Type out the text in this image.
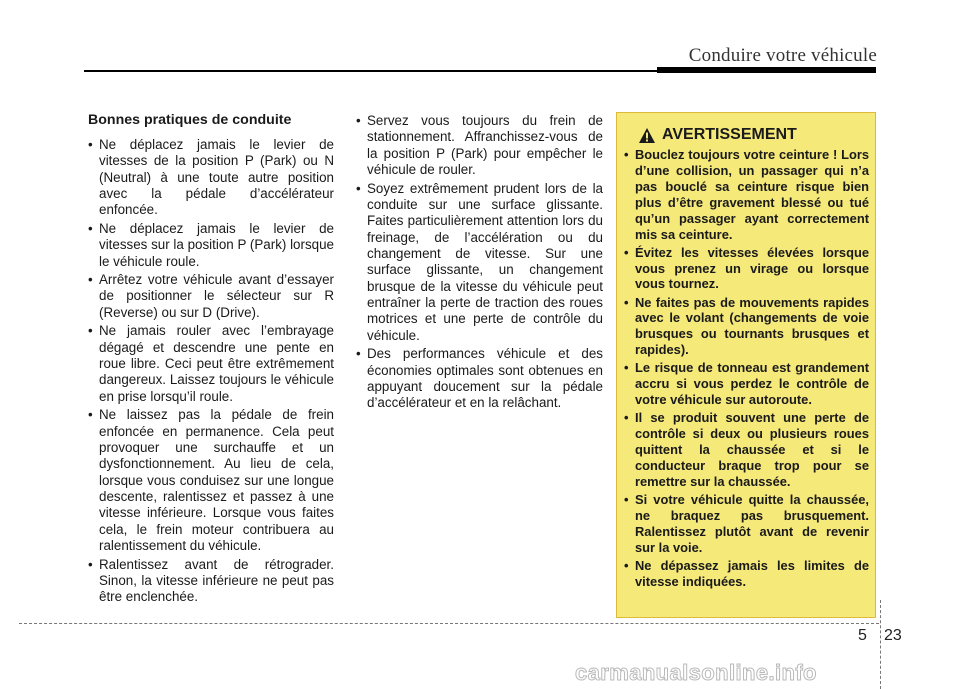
Conduire votre véhicule
Bonnes pratiques de conduite
• Ne déplacez jamais le levier de vitesses de la position P (Park) ou N (Neutral) à une toute autre position avec la pédale d’accélérateur enfoncée.
• Ne déplacez jamais le levier de vitesses sur la position P (Park) lorsque le véhicule roule.
• Arrêtez votre véhicule avant d’essayer de positionner le sélecteur sur R (Reverse) ou sur D (Drive).
• Ne jamais rouler avec l’embrayage dégagé et descendre une pente en roue libre. Ceci peut être extrêmement dangereux. Laissez toujours le véhicule en prise lorsqu’il roule.
• Ne laissez pas la pédale de frein enfoncée en permanence. Cela peut provoquer une surchauffe et un dysfonctionnement. Au lieu de cela, lorsque vous conduisez sur une longue descente, ralentissez et passez à une vitesse inférieure. Lorsque vous faites cela, le frein moteur contribuera au ralentissement du véhicule.
• Ralentissez avant de rétrograder. Sinon, la vitesse inférieure ne peut pas être enclenchée.
• Servez vous toujours du frein de stationnement. Affranchissez-vous de la position P (Park) pour empêcher le véhicule de rouler.
• Soyez extrêmement prudent lors de la conduite sur une surface glissante. Faites particulièrement attention lors du freinage, de l’accélération ou du changement de vitesse. Sur une surface glissante, un changement brusque de la vitesse du véhicule peut entraîner la perte de traction des roues motrices et une perte de contrôle du véhicule.
• Des performances véhicule et des économies optimales sont obtenues en appuyant doucement sur la pédale d’accélérateur et en la relâchant.
AVERTISSEMENT
• Bouclez toujours votre ceinture ! Lors d’une collision, un passager qui n’a pas bouclé sa ceinture risque bien plus d’être gravement blessé ou tué qu’un passager ayant correctement mis sa ceinture.
• Évitez les vitesses élevées lorsque vous prenez un virage ou lorsque vous tournez.
• Ne faites pas de mouvements rapides avec le volant (changements de voie brusques ou tournants brusques et rapides).
• Le risque de tonneau est grandement accru si vous perdez le contrôle de votre véhicule sur autoroute.
• Il se produit souvent une perte de contrôle si deux ou plusieurs roues quittent la chaussée et si le conducteur braque trop pour se remettre sur la chaussée.
• Si votre véhicule quitte la chaussée, ne braquez pas brusquement. Ralentissez plutôt avant de revenir sur la voie.
• Ne dépassez jamais les limites de vitesse indiquées.
5 23
carmanualsonline.info
